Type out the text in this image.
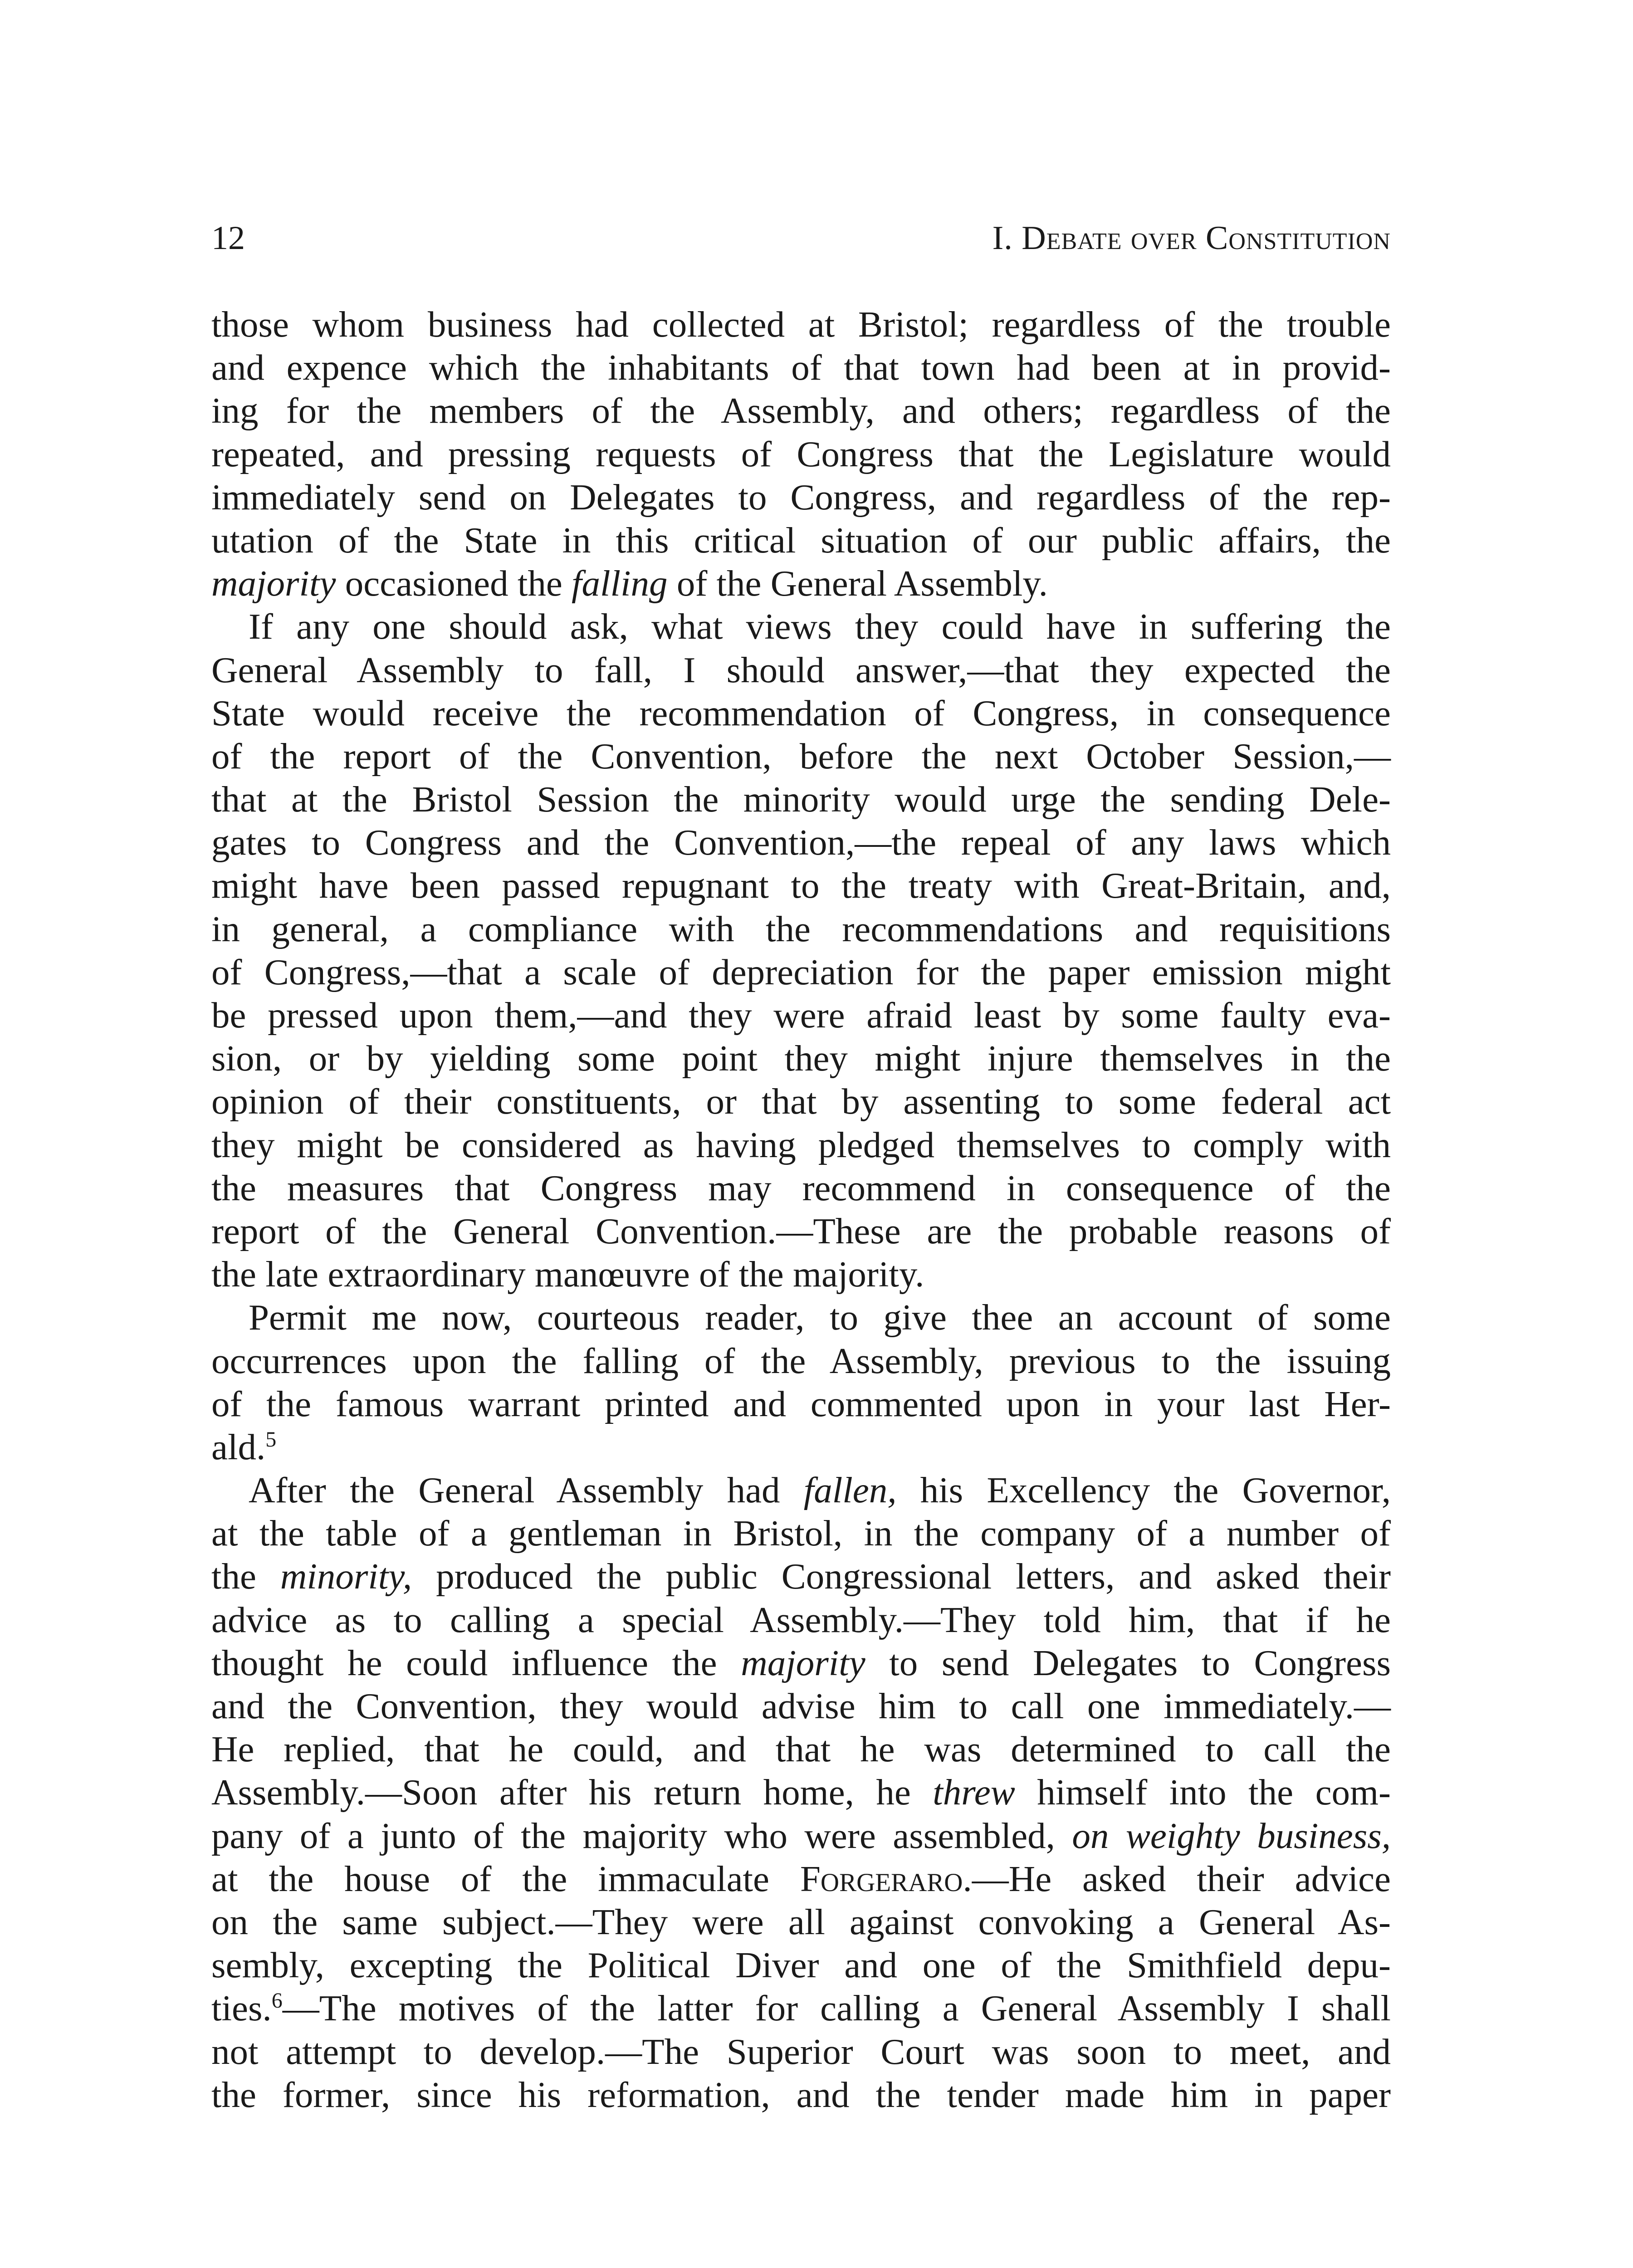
12	I. Debate over Constitution
those whom business had collected at Bristol; regardless of the trouble
and expence which the inhabitants of that town had been at in provid-
ing for the members of the Assembly, and others; regardless of the
repeated, and pressing requests of Congress that the Legislature would
immediately send on Delegates to Congress, and regardless of the rep-
utation of the State in this critical situation of our public affairs, the
majority occasioned the falling of the General Assembly.
If any one should ask, what views they could have in suffering the
General Assembly to fall, I should answer,—that they expected the
State would receive the recommendation of Congress, in consequence
of the report of the Convention, before the next October Session,—
that at the Bristol Session the minority would urge the sending Dele-
gates to Congress and the Convention,—the repeal of any laws which
might have been passed repugnant to the treaty with Great-Britain, and,
in general, a compliance with the recommendations and requisitions
of Congress,—that a scale of depreciation for the paper emission might
be pressed upon them,—and they were afraid least by some faulty eva-
sion, or by yielding some point they might injure themselves in the
opinion of their constituents, or that by assenting to some federal act
they might be considered as having pledged themselves to comply with
the measures that Congress may recommend in consequence of the
report of the General Convention.—These are the probable reasons of
the late extraordinary manœuvre of the majority.
Permit me now, courteous reader, to give thee an account of some
occurrences upon the falling of the Assembly, previous to the issuing
of the famous warrant printed and commented upon in your last Her-
ald.$^5$
After the General Assembly had fallen, his Excellency the Governor,
at the table of a gentleman in Bristol, in the company of a number of
the minority, produced the public Congressional letters, and asked their
advice as to calling a special Assembly.—They told him, that if he
thought he could influence the majority to send Delegates to Congress
and the Convention, they would advise him to call one immediately.—
He replied, that he could, and that he was determined to call the
Assembly.—Soon after his return home, he threw himself into the com-
pany of a junto of the majority who were assembled, on weighty business,
at the house of the immaculate Forgeraro.—He asked their advice
on the same subject.—They were all against convoking a General As-
sembly, excepting the Political Diver and one of the Smithfield depu-
ties.$^6$—The motives of the latter for calling a General Assembly I shall
not attempt to develop.—The Superior Court was soon to meet, and
the former, since his reformation, and the tender made him in paper
